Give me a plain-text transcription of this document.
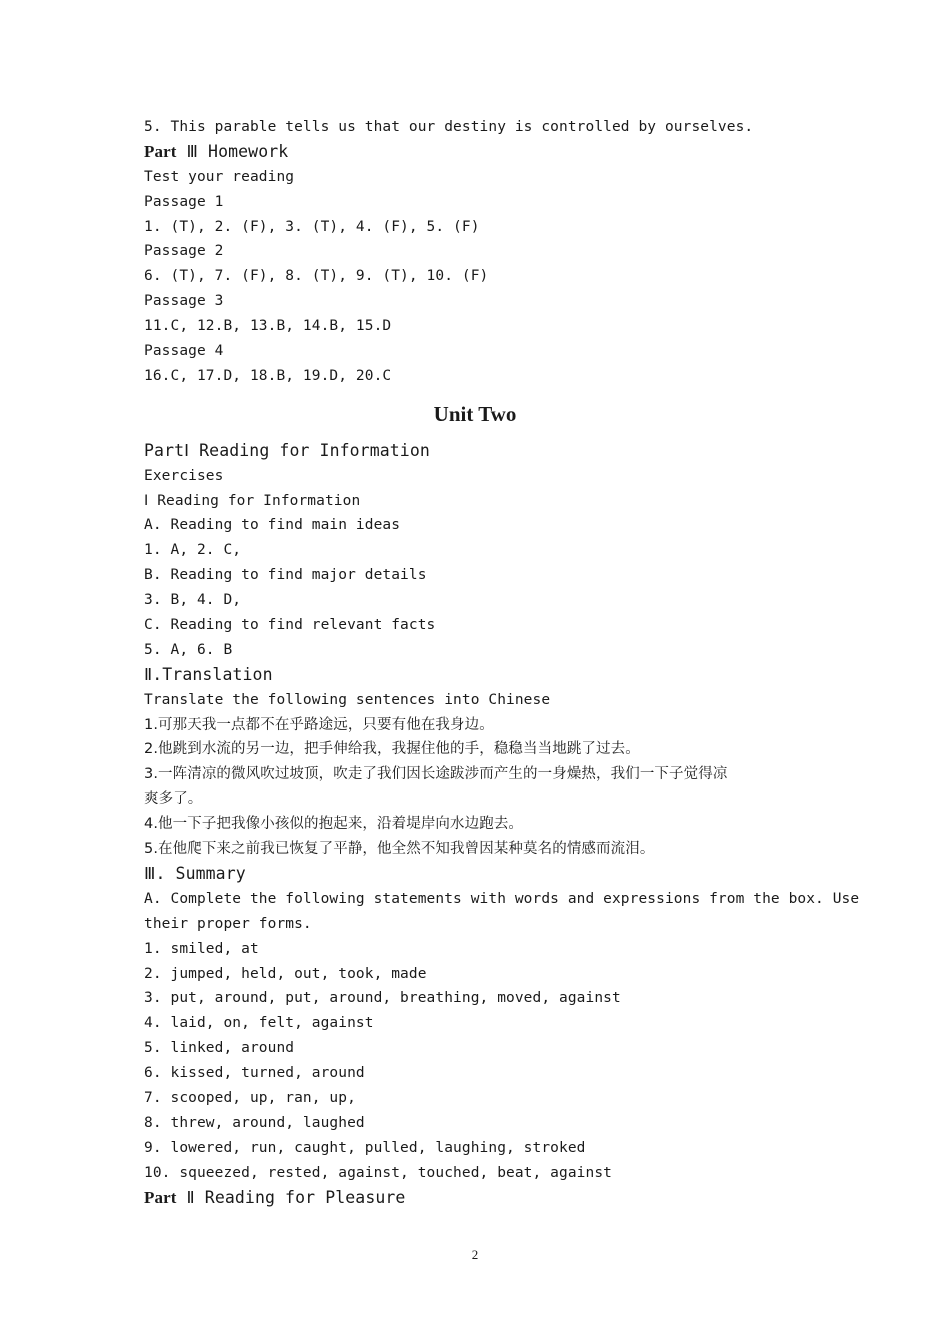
5. This parable tells us that our destiny is controlled by ourselves.
Part Ⅲ Homework
Test your reading
Passage 1
1. (T), 2. (F), 3. (T), 4. (F), 5. (F)
Passage 2
6. (T), 7. (F), 8. (T), 9. (T), 10. (F)
Passage 3
11.C, 12.B, 13.B, 14.B, 15.D
Passage 4
16.C, 17.D, 18.B, 19.D, 20.C
Unit Two
PartⅠ Reading for Information
Exercises
Ⅰ Reading for Information
A. Reading to find main ideas
1. A, 2. C,
B. Reading to find major details
3. B, 4. D,
C. Reading to find relevant facts
5. A, 6. B
Ⅱ.Translation
Translate the following sentences into Chinese
1.可那天我一点都不在乎路途远，只要有他在我身边。
2.他跳到水流的另一边，把手伸给我，我握住他的手，稳稳当当地跳了过去。
3.一阵清凉的微风吹过坡顶，吹走了我们因长途跋涉而产生的一身燥热，我们一下子觉得凉
爽多了。
4.他一下子把我像小孩似的抱起来，沿着堤岸向水边跑去。
5.在他爬下来之前我已恢复了平静，他全然不知我曾因某种莫名的情感而流泪。
Ⅲ. Summary
A. Complete the following statements with words and expressions from the box. Use
their proper forms.
1. smiled, at
2. jumped, held, out, took, made
3. put, around, put, around, breathing, moved, against
4. laid, on, felt, against
5. linked, around
6. kissed, turned, around
7. scooped, up, ran, up,
8. threw, around, laughed
9. lowered, run, caught, pulled, laughing, stroked
10. squeezed, rested, against, touched, beat, against
Part Ⅱ Reading for Pleasure
2
